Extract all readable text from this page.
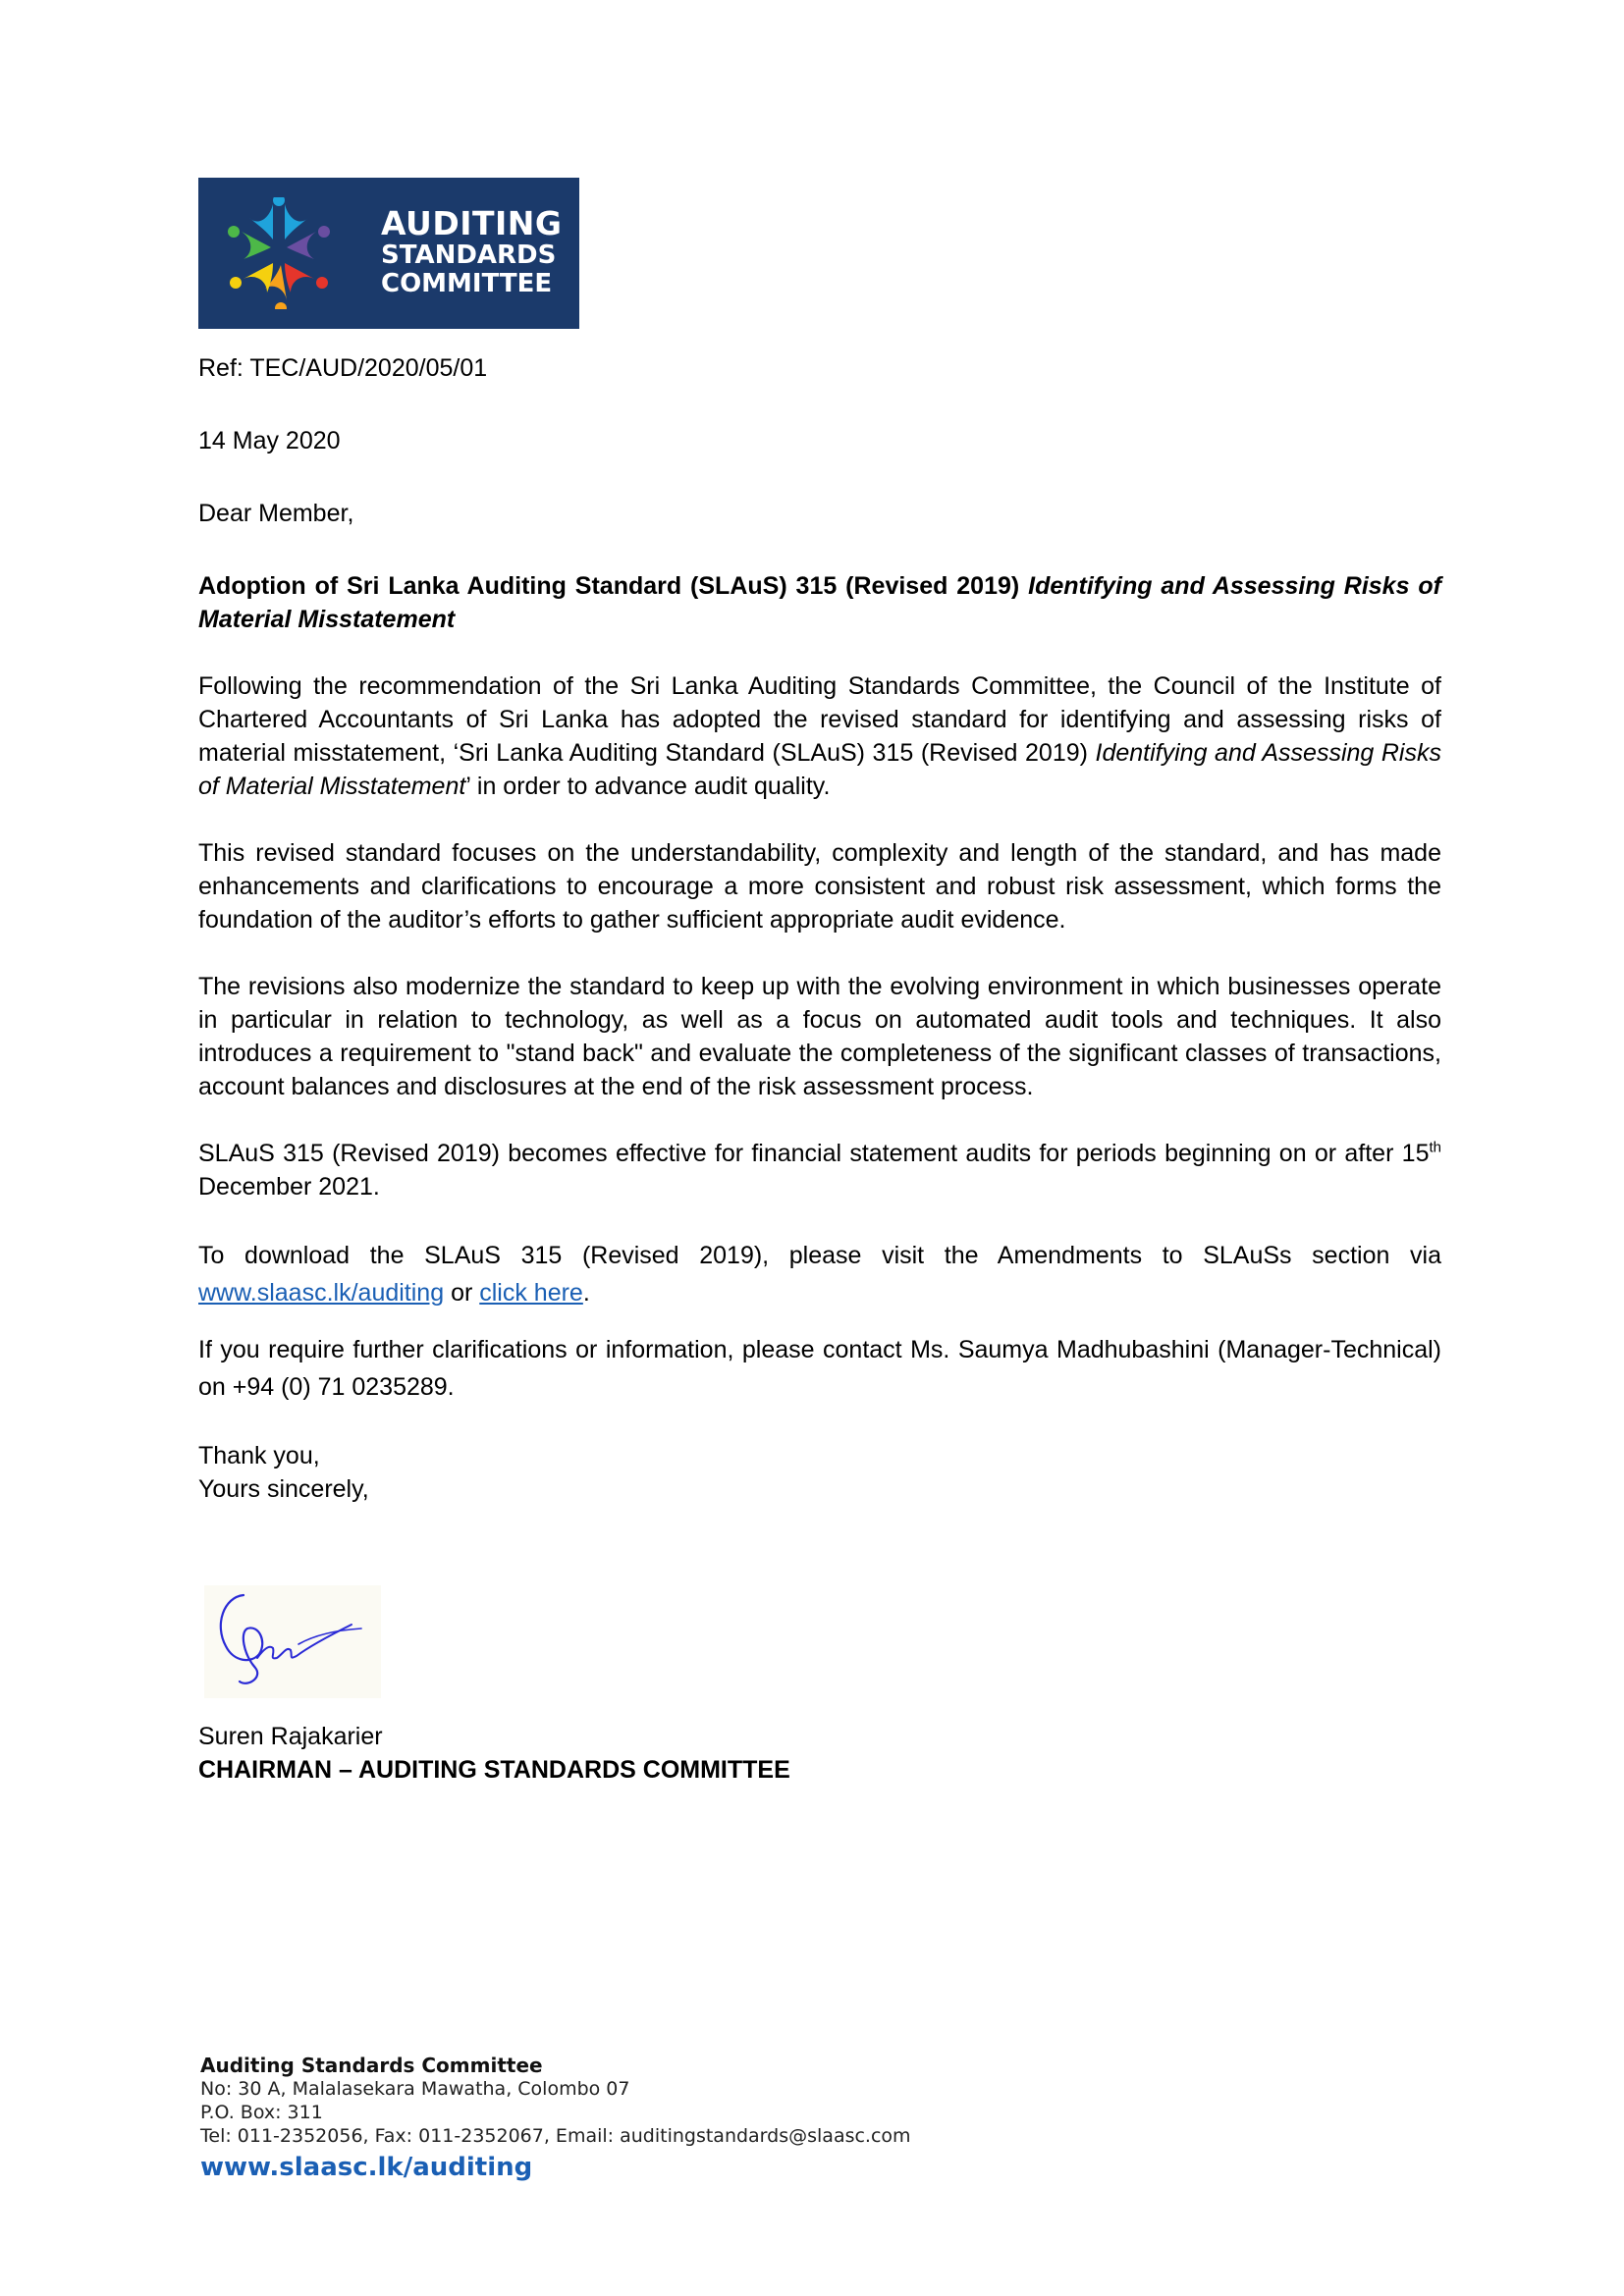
AUDITING
STANDARDS
COMMITTEE

Ref: TEC/AUD/2020/05/01

14 May 2020

Dear Member,

Adoption of Sri Lanka Auditing Standard (SLAuS) 315 (Revised 2019) Identifying and Assessing Risks of Material Misstatement

Following the recommendation of the Sri Lanka Auditing Standards Committee, the Council of the Institute of Chartered Accountants of Sri Lanka has adopted the revised standard for identifying and assessing risks of material misstatement, ‘Sri Lanka Auditing Standard (SLAuS) 315 (Revised 2019) Identifying and Assessing Risks of Material Misstatement’ in order to advance audit quality.

This revised standard focuses on the understandability, complexity and length of the standard, and has made enhancements and clarifications to encourage a more consistent and robust risk assessment, which forms the foundation of the auditor’s efforts to gather sufficient appropriate audit evidence.

The revisions also modernize the standard to keep up with the evolving environment in which businesses operate in particular in relation to technology, as well as a focus on automated audit tools and techniques. It also introduces a requirement to "stand back" and evaluate the completeness of the significant classes of transactions, account balances and disclosures at the end of the risk assessment process.

SLAuS 315 (Revised 2019) becomes effective for financial statement audits for periods beginning on or after 15th December 2021.

To download the SLAuS 315 (Revised 2019), please visit the Amendments to SLAuSs section via www.slaasc.lk/auditing or click here.

If you require further clarifications or information, please contact Ms. Saumya Madhubashini (Manager-Technical) on +94 (0) 71 0235289.

Thank you,

Yours sincerely,

Suren Rajakarier
CHAIRMAN – AUDITING STANDARDS COMMITTEE
Auditing Standards Committee
No: 30 A, Malalasekara Mawatha, Colombo 07
P.O. Box: 311
Tel: 011-2352056, Fax: 011-2352067, Email: auditingstandards@slaasc.com
www.slaasc.lk/auditing
